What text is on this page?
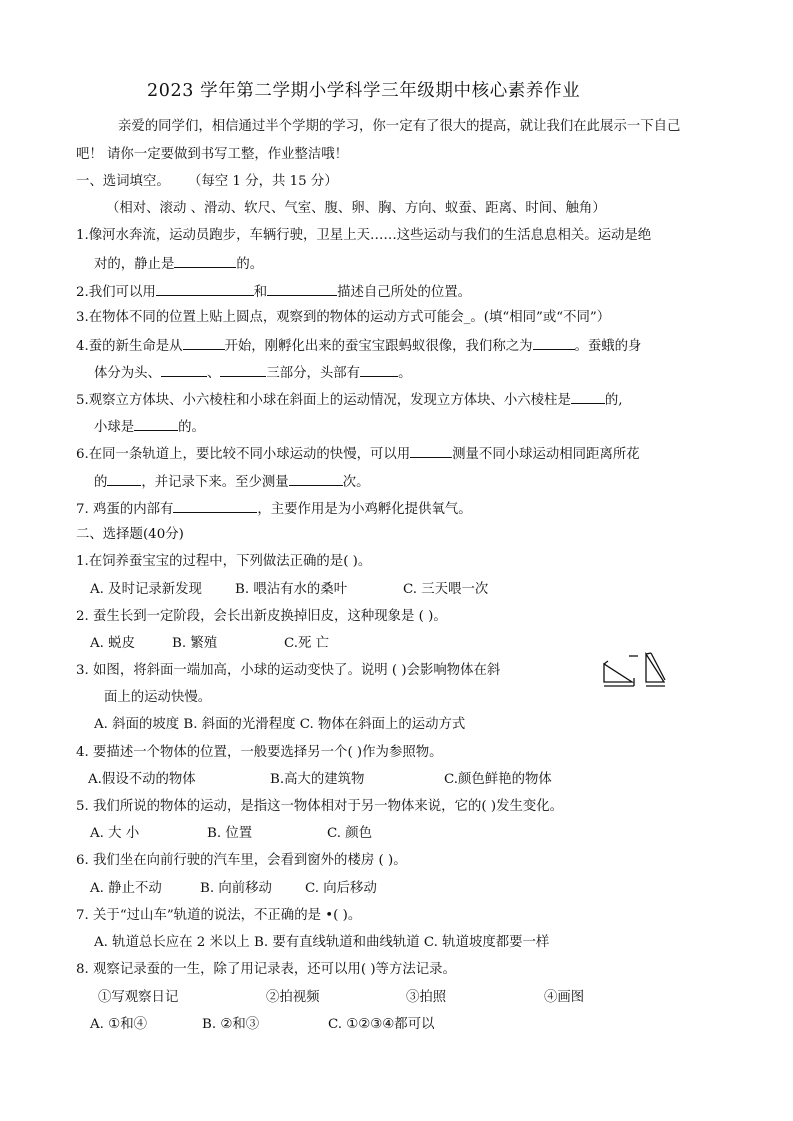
2023 学年第二学期小学科学三年级期中核心素养作业
亲爱的同学们，相信通过半个学期的学习，你一定有了很大的提高，就让我们在此展示一下自己
吧！ 请你一定要做到书写工整，作业整洁哦！
一、选词填空。 （每空 1 分，共 15 分）
（相对、滚动 、滑动、软尺、气室、腹、卵、胸、方向、蚁蚕、距离、时间、触角）
1.像河水奔流，运动员跑步，车辆行驶，卫星上天……这些运动与我们的生活息息相关。运动是绝
对的，静止是	的。
2.我们可以用	和	描述自己所处的位置。
3.在物体不同的位置上贴上圆点，观察到的物体的运动方式可能会_。(填“相同”或“不同”）
4.蚕的新生命是从	开始，刚孵化出来的蚕宝宝跟蚂蚁很像，我们称之为	。蚕蛾的身
体分为头、	、	三部分，头部有	。
5.观察立方体块、小六棱柱和小球在斜面上的运动情况，发现立方体块、小六棱柱是	的,
小球是	的。
6.在同一条轨道上，要比较不同小球运动的快慢，可以用	测量不同小球运动相同距离所花
的	，并记录下来。至少测量	次。
7. 鸡蛋的内部有	，主要作用是为小鸡孵化提供氧气。
二、选择题(40分)
1.在饲养蚕宝宝的过程中，下列做法正确的是( )。
A. 及时记录新发现 B. 喂沾有水的桑叶	C. 三天喂一次
2. 蚕生长到一定阶段，会长出新皮换掉旧皮，这种现象是 ( )。
A. 蜕皮	B. 繁殖	C.死 亡
3. 如图，将斜面一端加高，小球的运动变快了。说明 ( )会影响物体在斜
面上的运动快慢。
A. 斜面的坡度 B. 斜面的光滑程度 C. 物体在斜面上的运动方式
4. 要描述一个物体的位置，一般要选择另一个( )作为参照物。
A.假设不动的物体	B.高大的建筑物	C.颜色鲜艳的物体
5. 我们所说的物体的运动，是指这一物体相对于另一物体来说，它的( )发生变化。
A. 大 小	B. 位置	C. 颜色
6. 我们坐在向前行驶的汽车里，会看到窗外的楼房 ( )。
A. 静止不动	B. 向前移动 C. 向后移动
7. 关于“过山车”轨道的说法，不正确的是 •( )。
A. 轨道总长应在 2 米以上 B. 要有直线轨道和曲线轨道 C. 轨道坡度都要一样
8. 观察记录蚕的一生，除了用记录表，还可以用( )等方法记录。
①写观察日记	②拍视频	③拍照	④画图
A. ①和④	B. ②和③	C. ①②③④都可以
